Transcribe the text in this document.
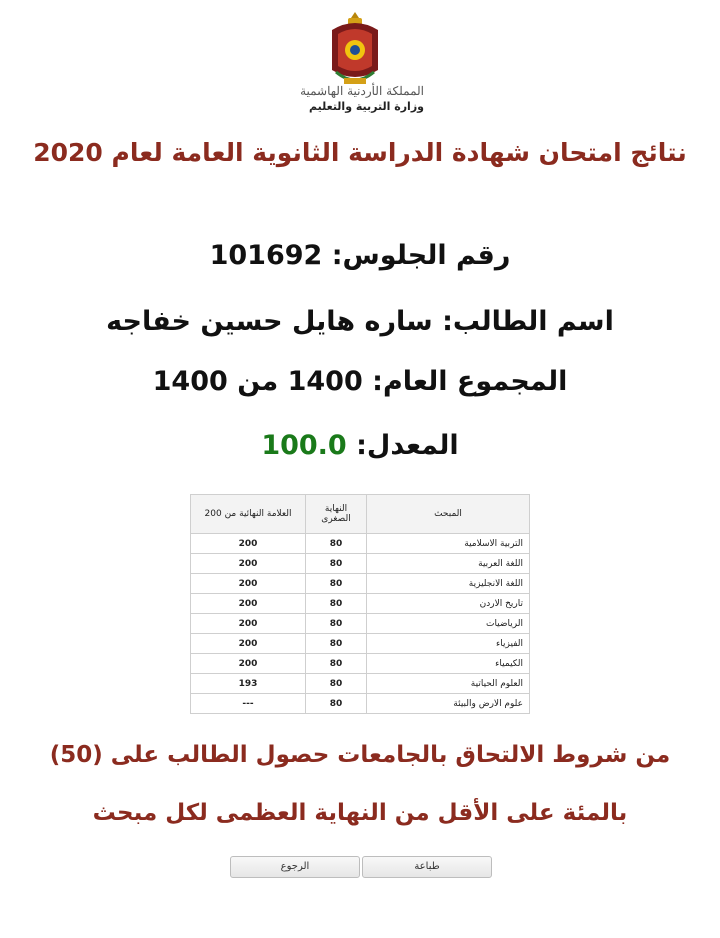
المملكة الأردنية الهاشمية
وزارة التربية والتعليم
نتائج امتحان شهادة الدراسة الثانوية العامة لعام 2020
رقم الجلوس: 101692
اسم الطالب: ساره هايل حسين خفاجه
المجموع العام: 1400 من 1400
المعدل: 100.0
المبحث	النهاية الصغرى	العلامة النهائية من 200
التربية الاسلامية	80	200
اللغة العربية	80	200
اللغة الانجليزية	80	200
تاريخ الاردن	80	200
الرياضيات	80	200
الفيزياء	80	200
الكيمياء	80	200
العلوم الحياتية	80	193
علوم الارض والبيئة	80	---
من شروط الالتحاق بالجامعات حصول الطالب على (50)
بالمئة على الأقل من النهاية العظمى لكل مبحث
طباعة
الرجوع
